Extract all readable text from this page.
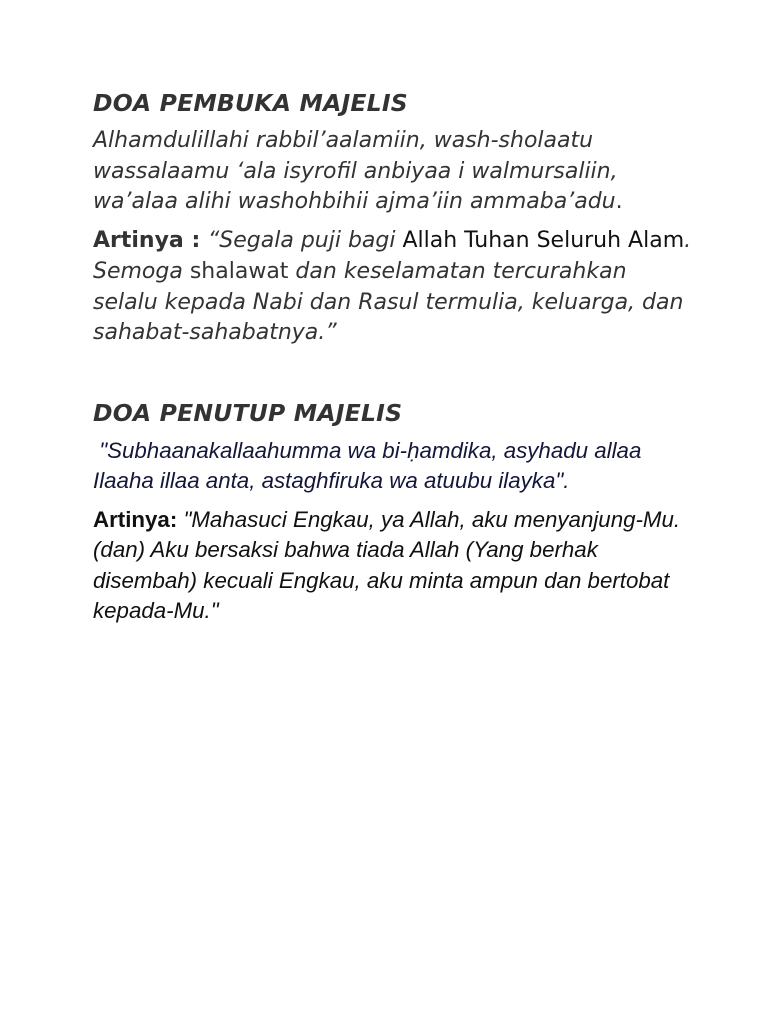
DOA PEMBUKA MAJELIS

Alhamdulillahi rabbil’aalamiin, wash-sholaatu wassalaamu ‘ala isyrofil anbiyaa i walmursaliin, wa’alaa alihi washohbihii ajma’iin ammaba’adu.

Artinya : “Segala puji bagi Allah Tuhan Seluruh Alam. Semoga shalawat dan keselamatan tercurahkan selalu kepada Nabi dan Rasul termulia, keluarga, dan sahabat-sahabatnya.”

DOA PENUTUP MAJELIS

"Subhaanakallaahumma wa bi-ḥamdika, asyhadu allaa Ilaaha illaa anta, astaghfiruka wa atuubu ilayka".

Artinya: "Mahasuci Engkau, ya Allah, aku menyanjung-Mu. (dan) Aku bersaksi bahwa tiada Allah (Yang berhak disembah) kecuali Engkau, aku minta ampun dan bertobat kepada-Mu."
